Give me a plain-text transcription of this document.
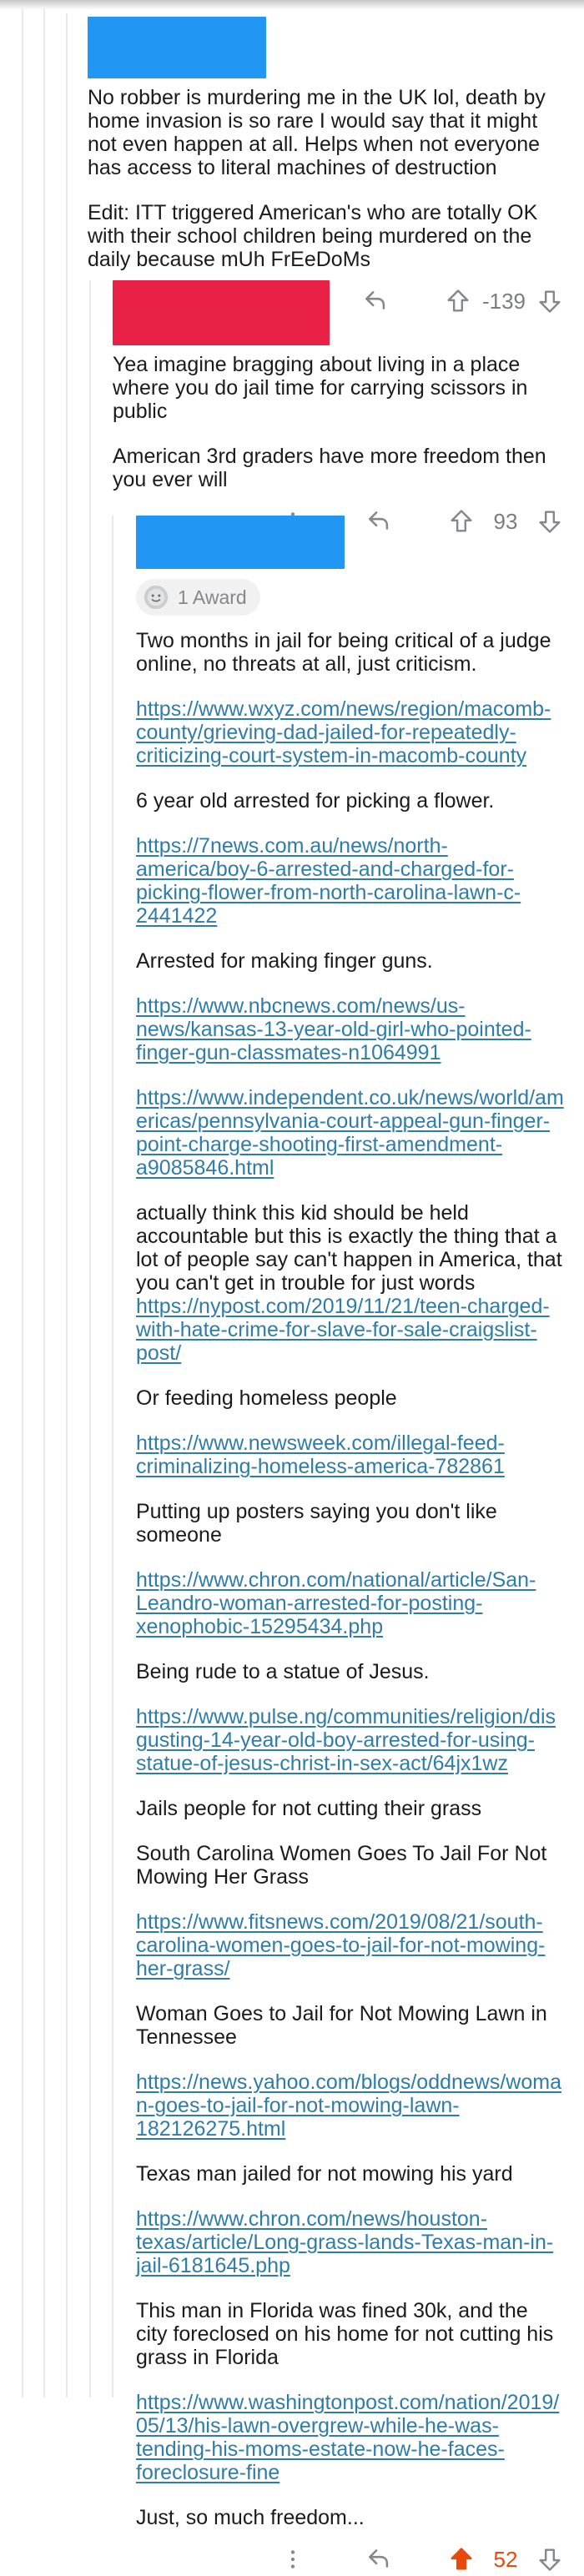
No robber is murdering me in the UK lol, death by home invasion is so rare I would say that it might not even happen at all. Helps when not everyone has access to literal machines of destruction

Edit: ITT triggered American's who are totally OK with their school children being murdered on the daily because mUh FrEeDoMs

-139

Yea imagine bragging about living in a place where you do jail time for carrying scissors in public

American 3rd graders have more freedom then you ever will

93
1 Award

Two months in jail for being critical of a judge online, no threats at all, just criticism.

https://www.wxyz.com/news/region/macomb-county/grieving-dad-jailed-for-repeatedly-criticizing-court-system-in-macomb-county

6 year old arrested for picking a flower.

https://7news.com.au/news/north-america/boy-6-arrested-and-charged-for-picking-flower-from-north-carolina-lawn-c-2441422

Arrested for making finger guns.

https://www.nbcnews.com/news/us-news/kansas-13-year-old-girl-who-pointed-finger-gun-classmates-n1064991

https://www.independent.co.uk/news/world/americas/pennsylvania-court-appeal-gun-finger-point-charge-shooting-first-amendment-a9085846.html

actually think this kid should be held accountable but this is exactly the thing that a lot of people say can't happen in America, that you can't get in trouble for just words https://nypost.com/2019/11/21/teen-charged-with-hate-crime-for-slave-for-sale-craigslist-post/

Or feeding homeless people

https://www.newsweek.com/illegal-feed-criminalizing-homeless-america-782861

Putting up posters saying you don't like someone

https://www.chron.com/national/article/San-Leandro-woman-arrested-for-posting-xenophobic-15295434.php

Being rude to a statue of Jesus.

https://www.pulse.ng/communities/religion/disgusting-14-year-old-boy-arrested-for-using-statue-of-jesus-christ-in-sex-act/64jx1wz

Jails people for not cutting their grass

South Carolina Women Goes To Jail For Not Mowing Her Grass

https://www.fitsnews.com/2019/08/21/south-carolina-women-goes-to-jail-for-not-mowing-her-grass/

Woman Goes to Jail for Not Mowing Lawn in Tennessee

https://news.yahoo.com/blogs/oddnews/woman-goes-to-jail-for-not-mowing-lawn-182126275.html

Texas man jailed for not mowing his yard

https://www.chron.com/news/houston-texas/article/Long-grass-lands-Texas-man-in-jail-6181645.php

This man in Florida was fined 30k, and the city foreclosed on his home for not cutting his grass in Florida

https://www.washingtonpost.com/nation/2019/05/13/his-lawn-overgrew-while-he-was-tending-his-moms-estate-now-he-faces-foreclosure-fine

Just, so much freedom...

52
